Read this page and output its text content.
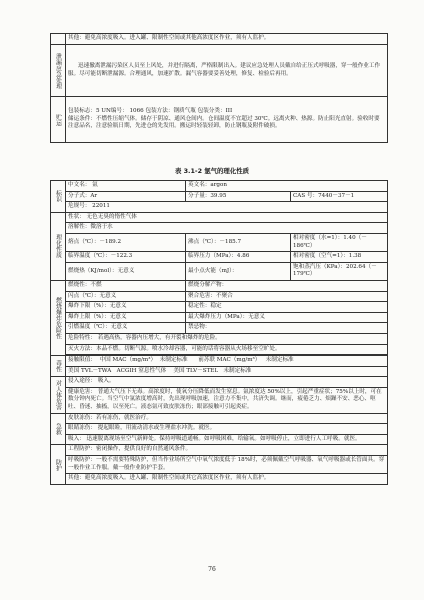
	其他：避免高浓度吸入。进入罐、限制性空间或其他高浓度区作业，须有人监护。

泄漏应急处理	迅速撤离泄漏污染区人员至上风处，并进行隔离，严格限制出入。建议应急处理人员戴自给正压式呼吸器，穿一般作业工作服。尽可能切断泄漏源。合理通风，加速扩散。漏气容器要妥善处理，修复、检验后再用。

贮运	包装标志：5 UN编号： 1066 包装方法：钢质气瓶 包装分类：III
储运条件：不燃性压缩气体。储存于阴凉、通风仓间内。仓间温度不宜超过 30℃。远离火种、热源。防止阳光直射。验收时要注意品名，注意验瓶日期，先进仓的先发用。搬运时轻装轻卸，防止钢瓶及附件破损。
表 3.1-2 氩气的理化性质
标识	中文名： 氩	英文名：argon	
	分子式：Ar	分子量：39.95	CAS 号：7440－37－1
	危规号： 22011		

理化性质	性状： 无色无臭的惰性气体		
	溶解性：微溶于水		
	熔点（℃）：－189.2	沸点（℃）：－185.7	相对密度（水=1）：1.40（－186℃）
	临界温度（℃）：－122.3	临界压力（MPa）：4.86	相对密度（空气=1）：1.38
	燃烧热（KJ/mol）：无意义	最小点火能（mJ）：	饱和蒸汽压（KPa）：202.64（－179℃）

燃烧爆炸危险性	燃烧性：不燃	燃烧分解产物：	
	闪点（℃）：无意义	聚合危害：不聚合	
	爆炸下限（%）：无意义	稳定性：稳定	
	爆炸上限（%）：无意义	最大爆炸压力（MPa）：无意义	
	引燃温度（℃）：无意义	禁忌物：	
	危险特性： 若遇高热，容器内压增大，有开裂和爆炸的危险。		
	灭火方法：本品不燃。切断气源。喷水冷却容器，可能的话将容器从火场移至空旷处。		

毒性	接触限值：  中国 MAC（mg/m³）  未制定标准      前苏联 MAC（mg/m³）   未制定标准		
	美国 TVL－TWA   ACGIH 窒息性气体    美国 TLV－STEL   未制定标准		

对人体危害	侵入途径： 吸入。		
	健康危害： 普通大气压下无毒。高浓度时，使氧分压降低而发生窒息。氩浓度达 50%以上，引起严重症状；75%以上时，可在数分钟内死亡。当空气中氩浓度增高时，先出现呼吸加速，注意力不集中，共济失调。继而，疲倦乏力、烦躁不安、恶心、呕吐、昏迷、抽搐，以至死亡。液态氩可致皮肤冻伤；眼部接触可引起炎症。		

急救	皮肤冻伤：若有冻伤，就医治疗。		
	眼睛冻伤： 提起眼睑，用流动清水或生理盐水冲洗。就医。		
	吸入： 迅速脱离现场至空气新鲜处。保持呼吸道通畅。如呼吸困难，给输氧。如呼吸停止，立即进行人工呼吸。就医。		

防护	工程防护：密闭操作，提供良好的自然通风条件。		
	呼吸防护：一般不需要特殊防护，但当作业场所空气中氧气浓度低于 18%时，必须佩戴空气呼吸器、氧气呼吸器或长管面具。穿一般作业工作服。戴一般作业防护手套。		
	其他：避免高浓度吸入。进入罐、限制性空间或其它高浓度区作业，须有人监护。		
76
